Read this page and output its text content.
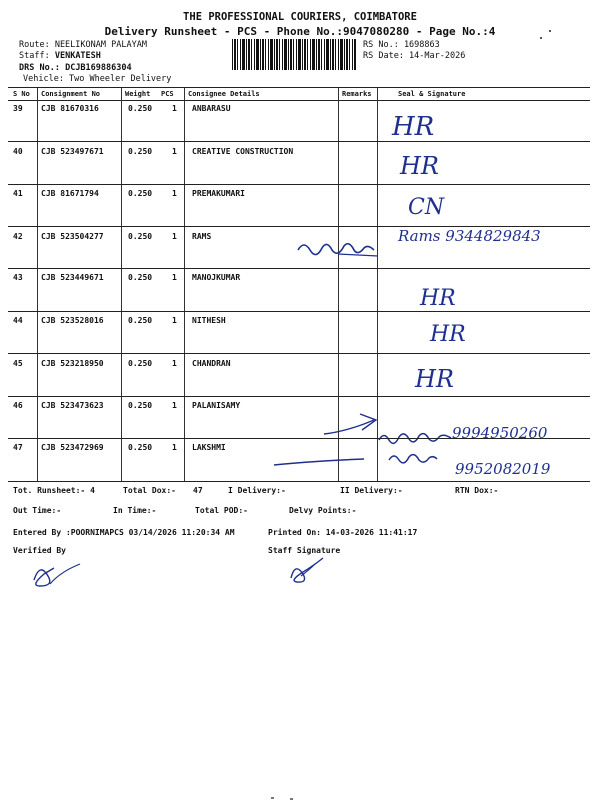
THE PROFESSIONAL COURIERS, COIMBATORE
Delivery Runsheet - PCS - Phone No.:9047080280 - Page No.:4
Route: NEELIKONAM PALAYAM
Staff: VENKATESH
DRS No.: DCJB169886304
Vehicle: Two Wheeler Delivery
RS No.: 1698863
RS Date: 14-Mar-2026
S No Consignment No	Weight PCS Consignee Details	Remarks	Seal & Signature
39 CJB 81670316	0.250 1 ANBARASU
HR
40 CJB 523497671	0.250 1 CREATIVE CONSTRUCTION
HR
41 CJB 81671794	0.250 1 PREMAKUMARI
CN
42 CJB 523504277	0.250 1 RAMS	Rams 9344829843
43 CJB 523449671	0.250 1 MANOJKUMAR
HR
44 CJB 523528016	0.250 1 NITHESH
HR
45 CJB 523218950	0.250 1 CHANDRAN
HR
46 CJB 523473623	0.250 1 PALANISAMY
9994950260
47 CJB 523472969	0.250 1 LAKSHMI
9952082019
Tot. Runsheet:- 4	Total Dox:- 47	I Delivery:-	II Delivery:-	RTN Dox:-
Out Time:-	In Time:-	Total POD:-	Delvy Points:-
Entered By :POORNIMAPCS 03/14/2026 11:20:34 AM	Printed On: 14-03-2026 11:41:17
Verified By	Staff Signature
